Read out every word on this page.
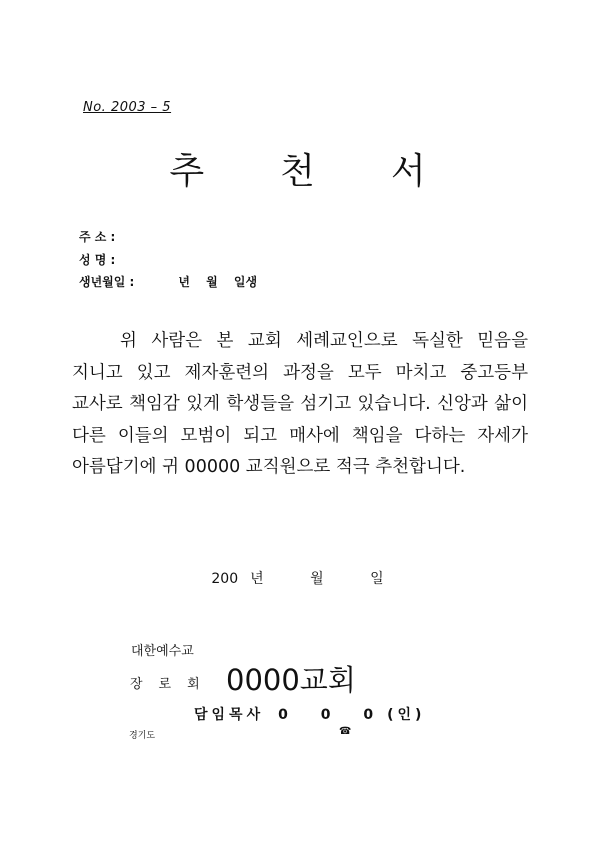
No. 2003 – 5
추 천 서
주 소 :
성 명 :
생년월일 :	년 월 일생

위 사람은 본 교회 세례교인으로 독실한 믿음을 지니고 있고 제자훈련의 과정을 모두 마치고 중고등부 교사로 책임감 있게 학생들을 섬기고 있습니다. 신앙과 삶이 다른 이들의 모범이 되고 매사에 책임을 다하는 자세가 아름답기에 귀 00000 교직원으로 적극 추천합니다.

200 년	월	일
대한예수교
장로회 0000교회
담임목사 0 0 0(인)
경기도	☎
